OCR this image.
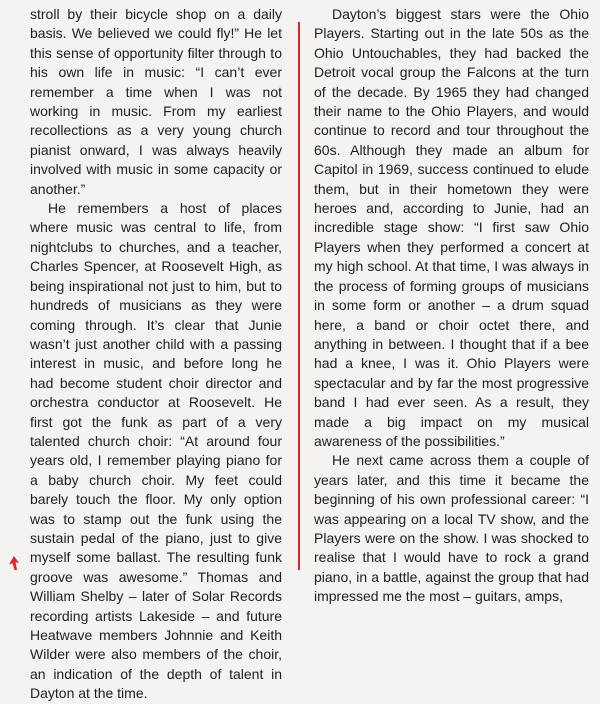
stroll by their bicycle shop on a daily basis. We believed we could fly!” He let this sense of opportunity filter through to his own life in music: “I can’t ever remember a time when I was not working in music. From my earliest recollections as a very young church pianist onward, I was always heavily involved with music in some capacity or another.”

He remembers a host of places where music was central to life, from nightclubs to churches, and a teacher, Charles Spencer, at Roosevelt High, as being inspirational not just to him, but to hundreds of musicians as they were coming through. It’s clear that Junie wasn’t just another child with a passing interest in music, and before long he had become student choir director and orchestra conductor at Roosevelt. He first got the funk as part of a very talented church choir: “At around four years old, I remember playing piano for a baby church choir. My feet could barely touch the floor. My only option was to stamp out the funk using the sustain pedal of the piano, just to give myself some ballast. The resulting funk groove was awesome.” Thomas and William Shelby – later of Solar Records recording artists Lakeside – and future Heatwave members Johnnie and Keith Wilder were also members of the choir, an indication of the depth of talent in Dayton at the time.

Dayton’s biggest stars were the Ohio Players. Starting out in the late 50s as the Ohio Untouchables, they had backed the Detroit vocal group the Falcons at the turn of the decade. By 1965 they had changed their name to the Ohio Players, and would continue to record and tour throughout the 60s. Although they made an album for Capitol in 1969, success continued to elude them, but in their hometown they were heroes and, according to Junie, had an incredible stage show: “I first saw Ohio Players when they performed a concert at my high school. At that time, I was always in the process of forming groups of musicians in some form or another – a drum squad here, a band or choir octet there, and anything in between. I thought that if a bee had a knee, I was it. Ohio Players were spectacular and by far the most progressive band I had ever seen. As a result, they made a big impact on my musical awareness of the possibilities.”

He next came across them a couple of years later, and this time it became the beginning of his own professional career: “I was appearing on a local TV show, and the Players were on the show. I was shocked to realise that I would have to rock a grand piano, in a battle, against the group that had impressed me the most – guitars, amps,
